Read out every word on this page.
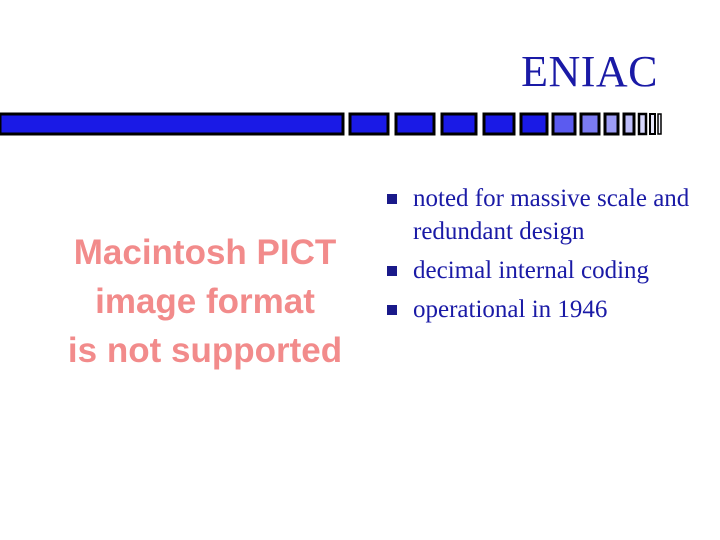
ENIAC
Macintosh PICT
image format
is not supported
noted for massive scale and redundant design
decimal internal coding
operational in 1946
